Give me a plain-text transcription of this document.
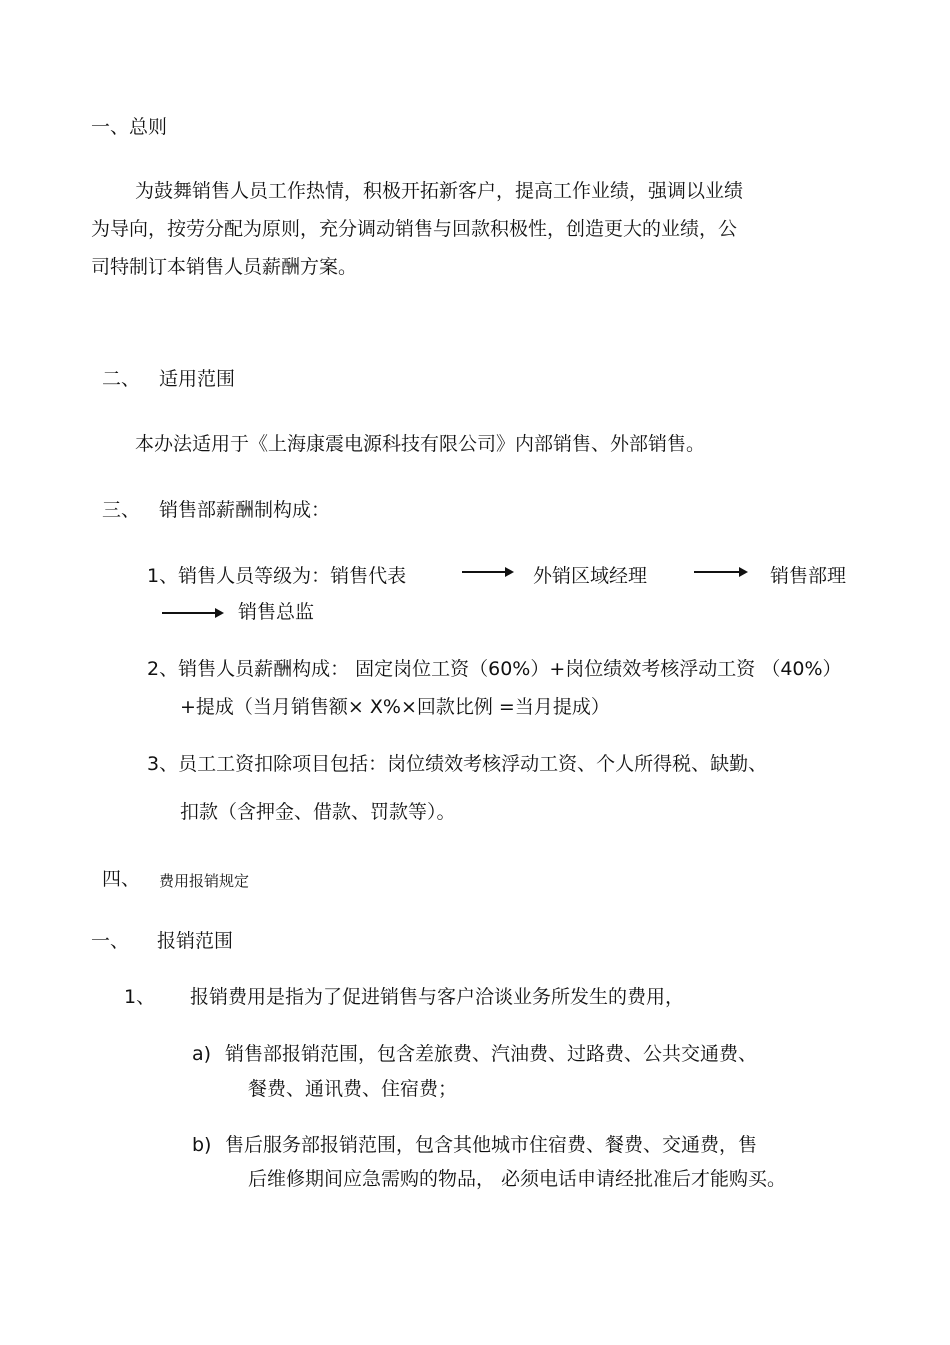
一、总则
为鼓舞销售人员工作热情，积极开拓新客户，提高工作业绩，强调以业绩
为导向，按劳分配为原则，充分调动销售与回款积极性，创造更大的业绩，公
司特制订本销售人员薪酬方案。
二、 适用范围
本办法适用于《上海康震电源科技有限公司》内部销售、外部销售。
三、 销售部薪酬制构成：
1、销售人员等级为：销售代表	外销区域经理	销售部理
销售总监
2、销售人员薪酬构成： 固定岗位工资（60%）+岗位绩效考核浮动工资 （40%）
+提成（当月销售额× X%×回款比例 =当月提成）
3、员工工资扣除项目包括：岗位绩效考核浮动工资、个人所得税、缺勤、
扣款（含押金、借款、罚款等）。
四、 费用报销规定
一、 报销范围
1、 报销费用是指为了促进销售与客户洽谈业务所发生的费用，
a) 销售部报销范围，包含差旅费、汽油费、过路费、公共交通费、
餐费、通讯费、住宿费；
b) 售后服务部报销范围，包含其他城市住宿费、餐费、交通费，售
后维修期间应急需购的物品， 必须电话申请经批准后才能购买。
